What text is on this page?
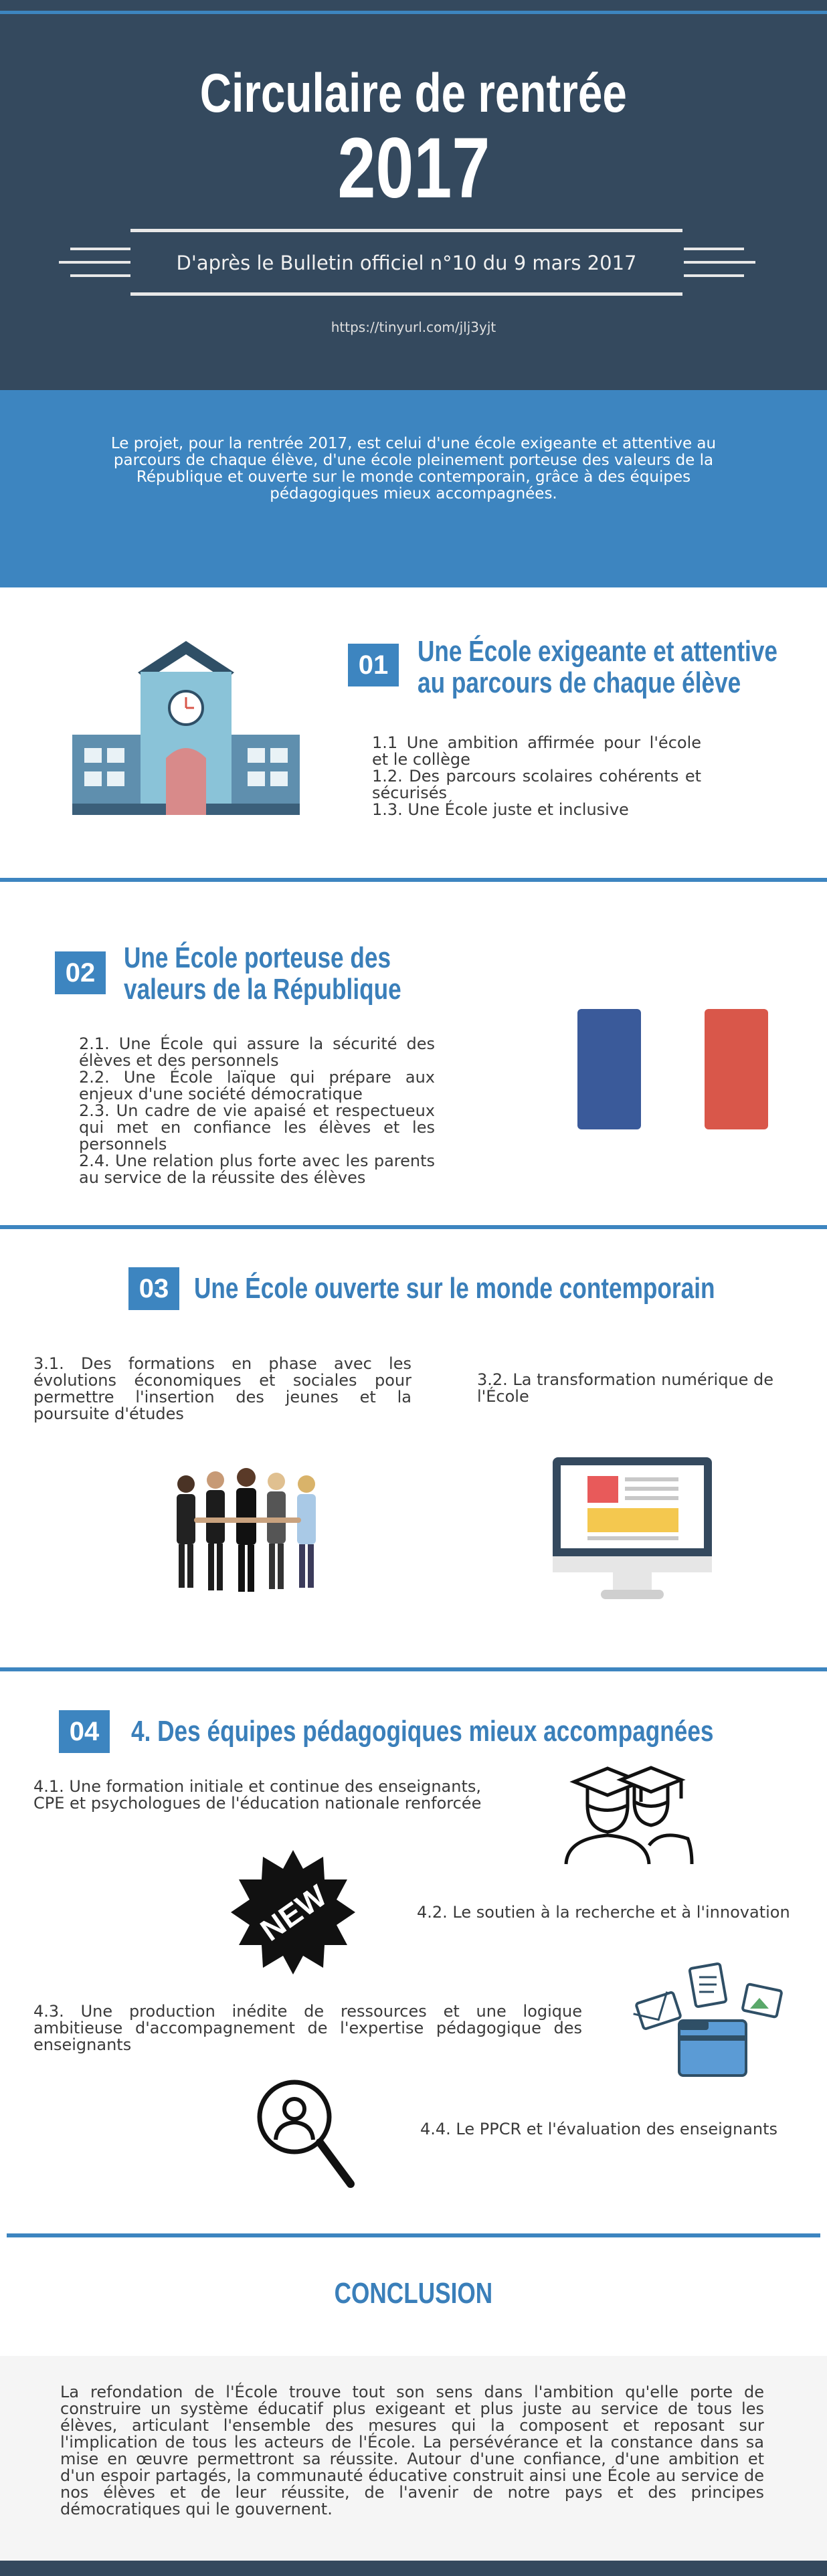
Circulaire de rentrée
2017
D'après le Bulletin officiel n°10 du 9 mars 2017
https://tinyurl.com/jlj3yjt
Le projet, pour la rentrée 2017, est celui d'une école exigeante et attentive au parcours de chaque élève, d'une école pleinement porteuse des valeurs de la République et ouverte sur le monde contemporain, grâce à des équipes pédagogiques mieux accompagnées.
01 Une École exigeante et attentive
au parcours de chaque élève

1.1 Une ambition affirmée pour l'école et le collège

1.2. Des parcours scolaires cohérents et sécurisés

1.3. Une École juste et inclusive

02 Une École porteuse des
valeurs de la République

2.1. Une École qui assure la sécurité des élèves et des personnels

2.2. Une École laïque qui prépare aux enjeux d'une société démocratique

2.3. Un cadre de vie apaisé et respectueux qui met en confiance les élèves et les personnels

2.4. Une relation plus forte avec les parents au service de la réussite des élèves

03 Une École ouverte sur le monde contemporain
3.1. Des formations en phase avec les évolutions économiques et sociales pour permettre l'insertion des jeunes et la poursuite d'études
3.2. La transformation numérique de l'École
04	4. Des équipes pédagogiques mieux accompagnées
4.1. Une formation initiale et continue des enseignants, CPE et psychologues de l'éducation nationale renforcée
NEW	4.2. Le soutien à la recherche et à l'innovation
4.3. Une production inédite de ressources et une logique ambitieuse d'accompagnement de l'expertise pédagogique des enseignants
4.4. Le PPCR et l'évaluation des enseignants
CONCLUSION
La refondation de l'École trouve tout son sens dans l'ambition qu'elle porte de construire un système éducatif plus exigeant et plus juste au service de tous les élèves, articulant l'ensemble des mesures qui la composent et reposant sur l'implication de tous les acteurs de l'École. La persévérance et la constance dans sa mise en œuvre permettront sa réussite. Autour d'une confiance, d'une ambition et d'un espoir partagés, la communauté éducative construit ainsi une École au service de nos élèves et de leur réussite, de l'avenir de notre pays et des principes démocratiques qui le gouvernent.
